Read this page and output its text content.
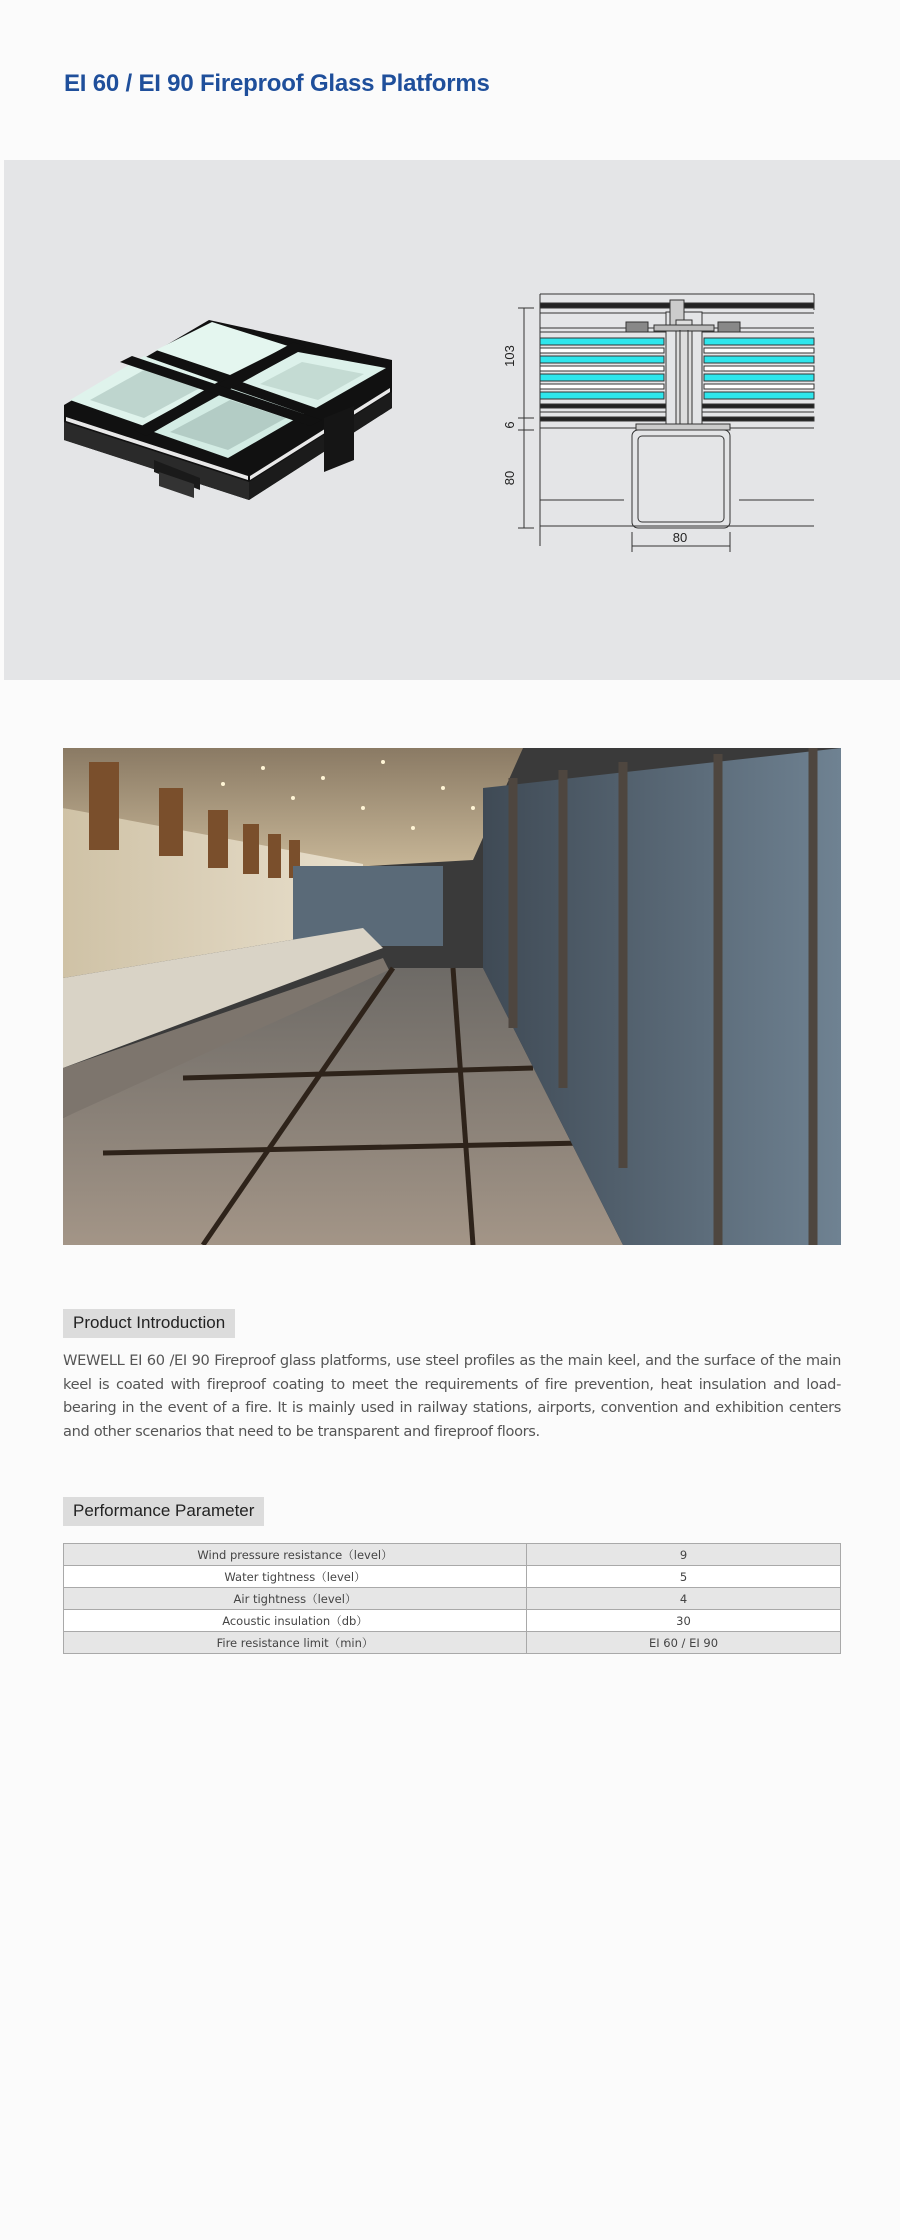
EI 60 / EI 90 Fireproof Glass Platforms
103
6
80
80
Product Introduction

WEWELL EI 60 /EI 90 Fireproof glass platforms, use steel profiles as the main keel, and the surface of the main keel is coated with fireproof coating to meet the requirements of fire prevention, heat insulation and load-bearing in the event of a fire. It is mainly used in railway stations, airports, convention and exhibition centers and other scenarios that need to be transparent and fireproof floors.

Performance Parameter
Wind pressure resistance（level）	9
Water tightness（level）	5
Air tightness（level）	4
Acoustic insulation（db）	30
Fire resistance limit（min）	EI 60 / EI 90
